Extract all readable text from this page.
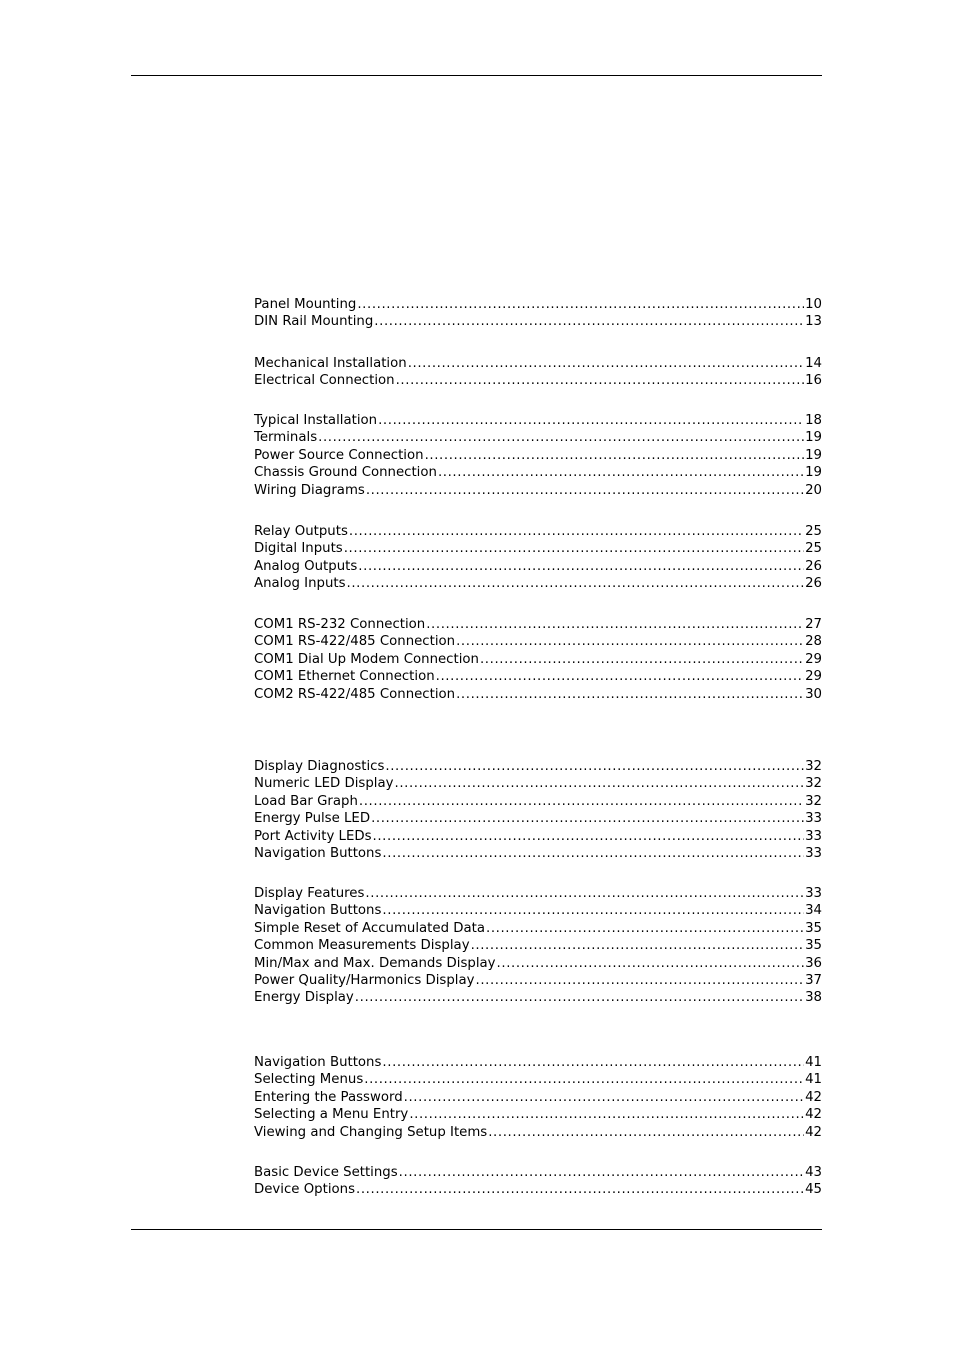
Panel Mounting .....	10
DIN Rail Mounting .....	13
Mechanical Installation .....	14
Electrical Connection .....	16
Typical Installation .....	18
Terminals .....	19
Power Source Connection .....	19
Chassis Ground Connection .....	19
Wiring Diagrams .....	20
Relay Outputs .....	25
Digital Inputs .....	25
Analog Outputs .....	26
Analog Inputs .....	26
COM1 RS-232 Connection .....	27
COM1 RS-422/485 Connection .....	28
COM1 Dial Up Modem Connection .....	29
COM1 Ethernet Connection .....	29
COM2 RS-422/485 Connection .....	30
Display Diagnostics .....	32
Numeric LED Display .....	32
Load Bar Graph .....	32
Energy Pulse LED .....	33
Port Activity LEDs .....	33
Navigation Buttons .....	33
Display Features .....	33
Navigation Buttons .....	34
Simple Reset of Accumulated Data .....	35
Common Measurements Display .....	35
Min/Max and Max. Demands Display .....	36
Power Quality/Harmonics Display .....	37
Energy Display .....	38
Navigation Buttons .....	41
Selecting Menus .....	41
Entering the Password .....	42
Selecting a Menu Entry .....	42
Viewing and Changing Setup Items .....	42
Basic Device Settings .....	43
Device Options .....	45
